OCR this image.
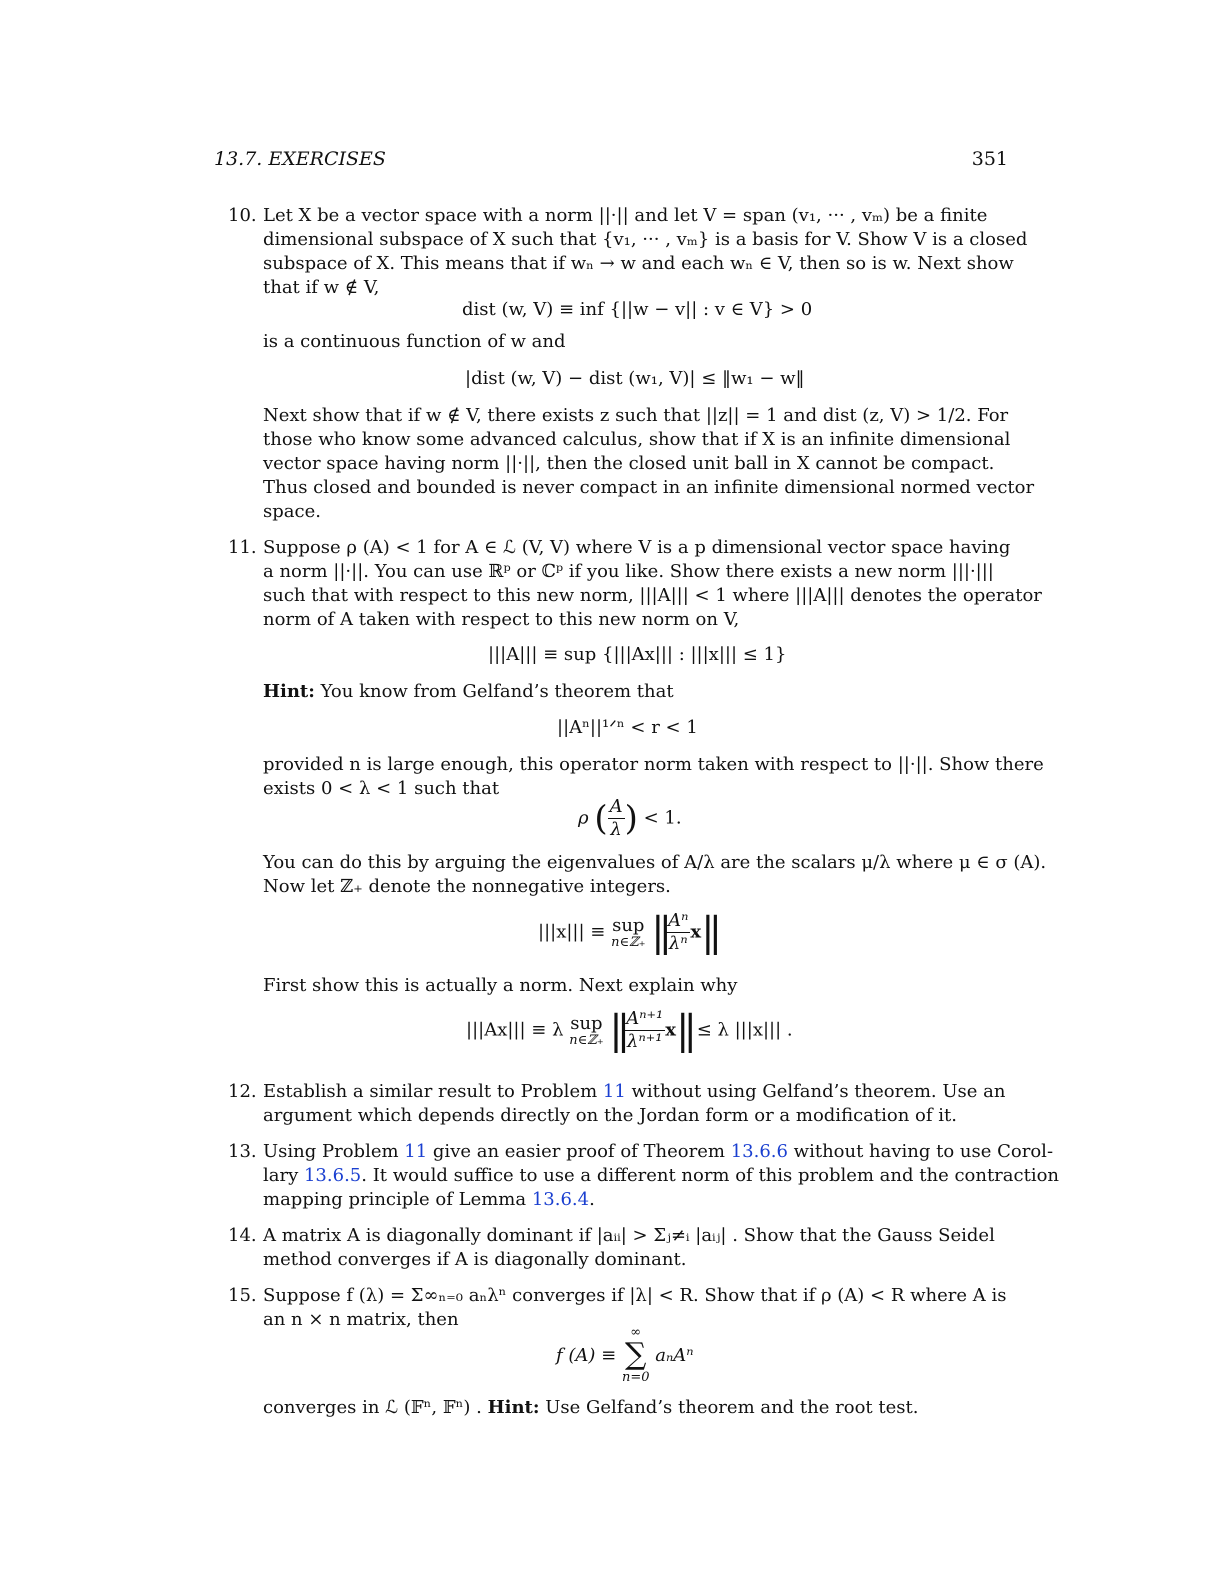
13.7. EXERCISES	351
10. Let X be a vector space with a norm ||·|| and let V = span (v₁, ··· , vₘ) be a finite
dimensional subspace of X such that {v₁, ··· , vₘ} is a basis for V. Show V is a closed
subspace of X. This means that if wₙ → w and each wₙ ∈ V, then so is w. Next show
that if w ∉ V,
dist (w, V) ≡ inf {||w − v|| : v ∈ V} > 0
is a continuous function of w and
|dist (w, V) − dist (w₁, V)| ≤ ‖w₁ − w‖
Next show that if w ∉ V, there exists z such that ||z|| = 1 and dist (z, V) > 1/2. For
those who know some advanced calculus, show that if X is an infinite dimensional
vector space having norm ||·||, then the closed unit ball in X cannot be compact.
Thus closed and bounded is never compact in an infinite dimensional normed vector
space.
11. Suppose ρ (A) < 1 for A ∈ ℒ (V, V) where V is a p dimensional vector space having
a norm ||·||. You can use ℝᵖ or ℂᵖ if you like. Show there exists a new norm |||·|||
such that with respect to this new norm, |||A||| < 1 where |||A||| denotes the operator
norm of A taken with respect to this new norm on V,
|||A||| ≡ sup {|||Ax||| : |||x||| ≤ 1}
Hint: You know from Gelfand’s theorem that
||Aⁿ||¹ᐟⁿ < r < 1
provided n is large enough, this operator norm taken with respect to ||·||. Show there
exists 0 < λ < 1 such that
ρ ( $\frac{A}{\lambda}$ ) < 1.
You can do this by arguing the eigenvalues of A/λ are the scalars μ/λ where μ ∈ σ (A).
Now let ℤ₊ denote the nonnegative integers.
|||x||| ≡ sup
n∈ℤ₊ || $\frac{\text{Aⁿ}}{\text{λⁿ}} x||$
First show this is actually a norm. Next explain why
|||Ax||| ≡ λ sup
n∈ℤ₊ || $\frac{\text{Aⁿ⁺¹}}{\text{λⁿ⁺¹}} x|| \le \lambda$ |||x||| .
12. Establish a similar result to Problem 11 without using Gelfand’s theorem. Use an
argument which depends directly on the Jordan form or a modification of it.
13. Using Problem 11 give an easier proof of Theorem 13.6.6 without having to use Corol-
lary 13.6.5. It would suffice to use a different norm of this problem and the contraction
mapping principle of Lemma 13.6.4.
14. A matrix A is diagonally dominant if |aᵢᵢ| > Σⱼ≠ᵢ |aᵢⱼ| . Show that the Gauss Seidel
method converges if A is diagonally dominant.
15. Suppose f (λ) = Σ∞ₙ₌₀ aₙλⁿ converges if |λ| < R. Show that if ρ (A) < R where A is
an n × n matrix, then
f (A) ≡
∞
∑
n=0
aₙAⁿ
converges in ℒ (𝔽ⁿ, 𝔽ⁿ) . Hint: Use Gelfand’s theorem and the root test.
